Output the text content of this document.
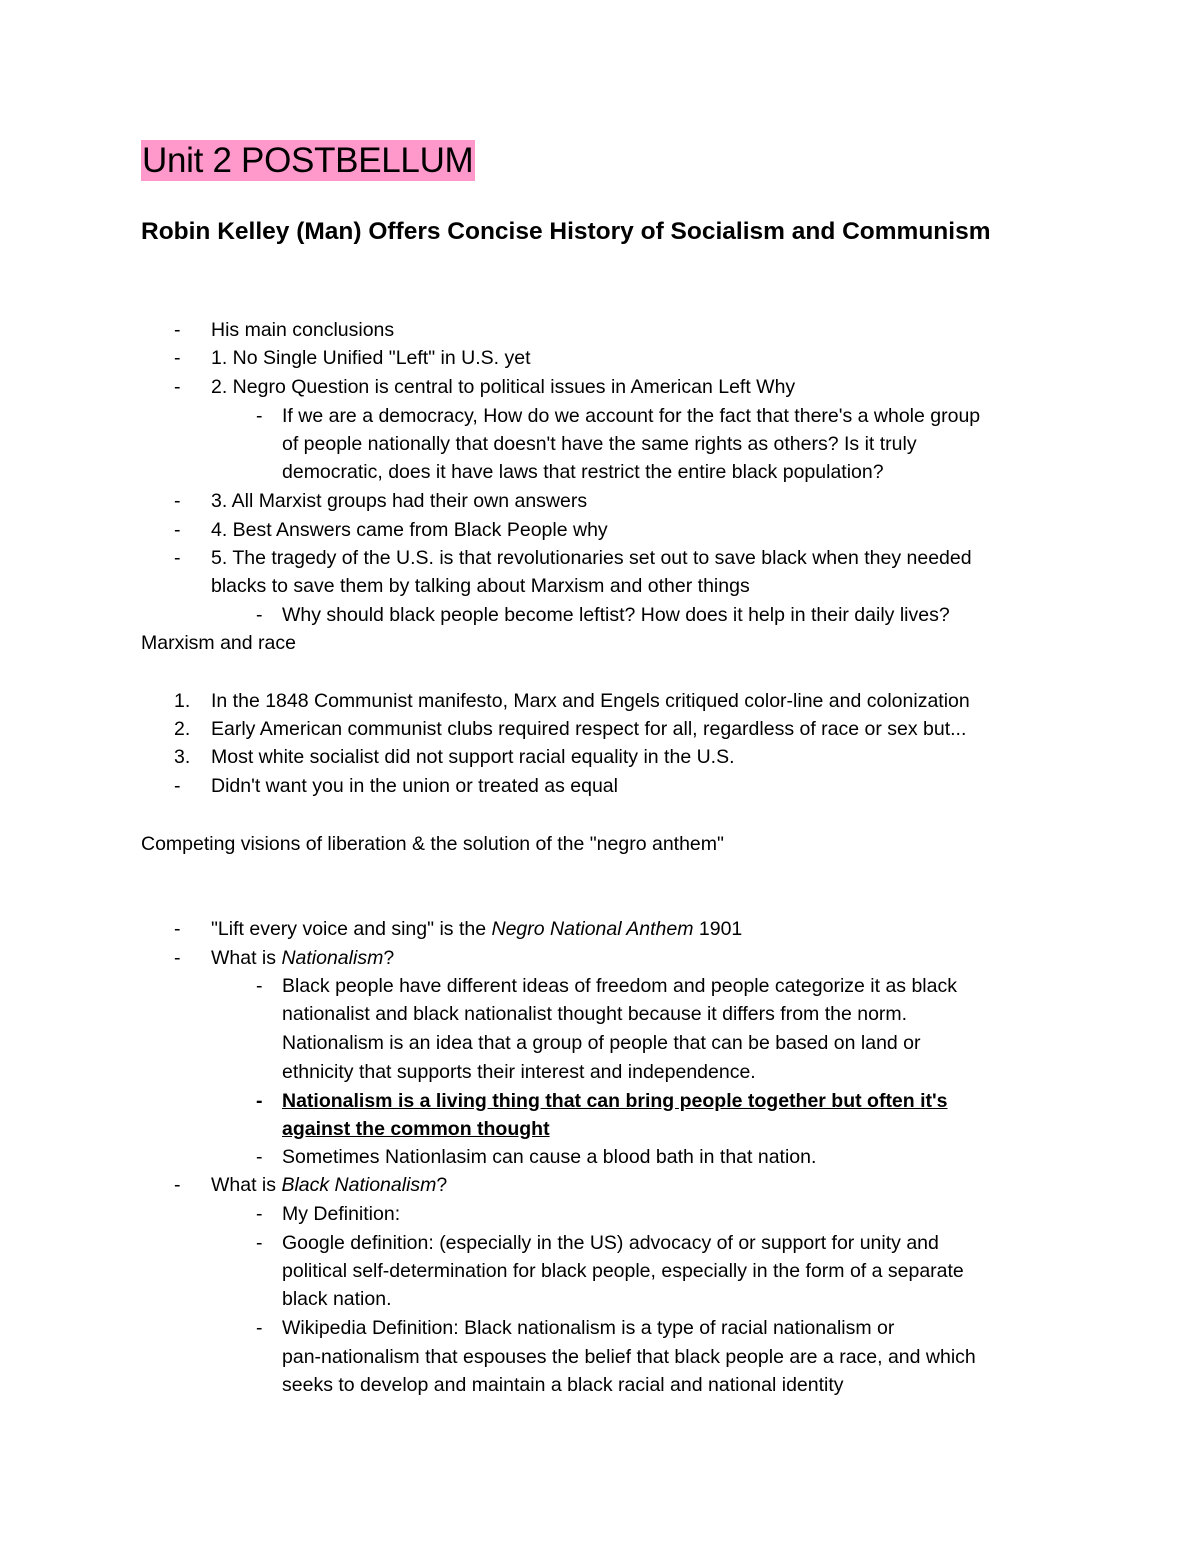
Unit 2 POSTBELLUM
Robin Kelley (Man) Offers Concise History of Socialism and Communism
- His main conclusions
- 1. No Single Unified "Left" in U.S. yet
- 2. Negro Question is central to political issues in American Left Why
- If we are a democracy, How do we account for the fact that there's a whole group
of people nationally that doesn't have the same rights as others? Is it truly
democratic, does it have laws that restrict the entire black population?
- 3. All Marxist groups had their own answers
- 4. Best Answers came from Black People why
- 5. The tragedy of the U.S. is that revolutionaries set out to save black when they needed
blacks to save them by talking about Marxism and other things
- Why should black people become leftist? How does it help in their daily lives?
Marxism and race
1. In the 1848 Communist manifesto, Marx and Engels critiqued color-line and colonization
2. Early American communist clubs required respect for all, regardless of race or sex but...
3. Most white socialist did not support racial equality in the U.S.
- Didn't want you in the union or treated as equal
Competing visions of liberation & the solution of the "negro anthem"
- "Lift every voice and sing" is the Negro National Anthem 1901
- What is Nationalism?
- Black people have different ideas of freedom and people categorize it as black
nationalist and black nationalist thought because it differs from the norm.
Nationalism is an idea that a group of people that can be based on land or
ethnicity that supports their interest and independence.
- Nationalism is a living thing that can bring people together but often it's
against the common thought
- Sometimes Nationlasim can cause a blood bath in that nation.
- What is Black Nationalism?
- My Definition:
- Google definition: (especially in the US) advocacy of or support for unity and
political self-determination for black people, especially in the form of a separate
black nation.
- Wikipedia Definition: Black nationalism is a type of racial nationalism or
pan-nationalism that espouses the belief that black people are a race, and which
seeks to develop and maintain a black racial and national identity
